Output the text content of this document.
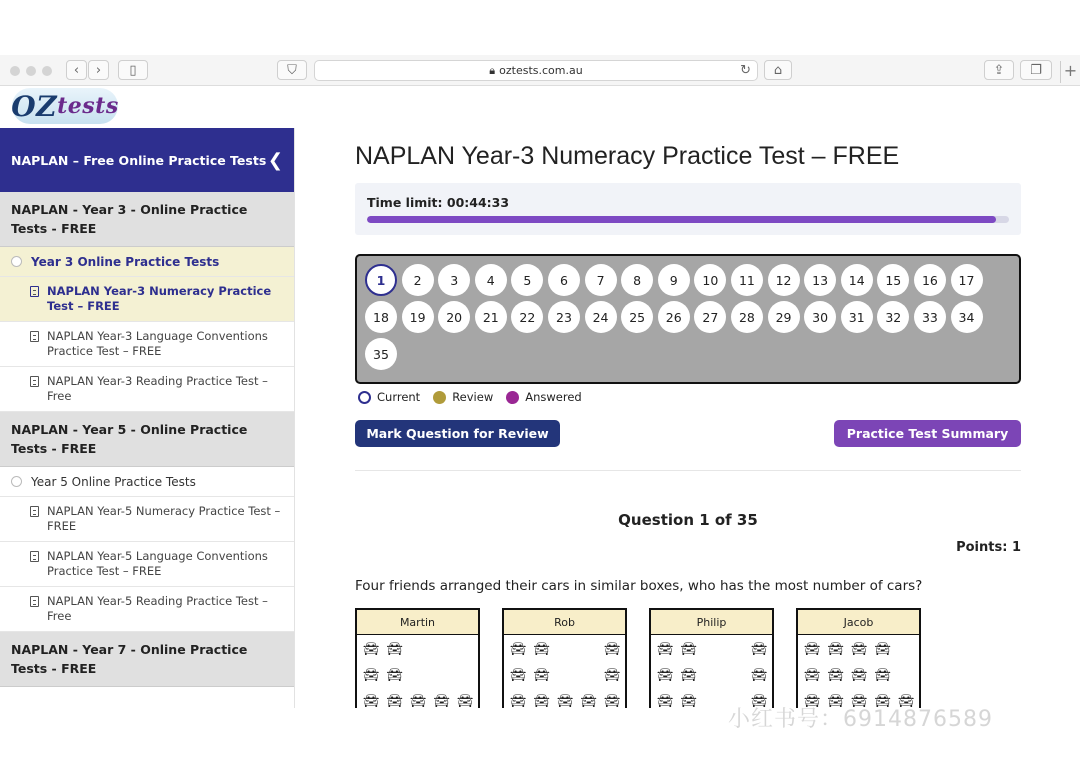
‹	›	▯	⛉	🔒︎ oztests.com.au	↻	⌂	⇪	❐	+
O Z tests
NAPLAN – Free Online Practice Tests ❮
NAPLAN - Year 3 - Online Practice Tests - FREE
Year 3 Online Practice Tests
NAPLAN Year-3 Numeracy Practice Test – FREE
NAPLAN Year-3 Language Conventions Practice Test – FREE
NAPLAN Year-3 Reading Practice Test – Free
NAPLAN - Year 5 - Online Practice Tests - FREE
Year 5 Online Practice Tests
NAPLAN Year-5 Numeracy Practice Test – FREE
NAPLAN Year-5 Language Conventions Practice Test – FREE
NAPLAN Year-5 Reading Practice Test – Free
NAPLAN - Year 7 - Online Practice Tests - FREE
NAPLAN Year-3 Numeracy Practice Test – FREE
Time limit: 00:44:33
1	2	3	4	5	6	7	8	9	10	11	12	13	14	15	16	17
18	19	20	21	22	23	24	25	26	27	28	29	30	31	32	33	34
35
Current	Review	Answered
Mark Question for Review	Practice Test Summary
Question 1 of 35
Points: 1
Four friends arranged their cars in similar boxes, who has the most number of cars?
Martin
🚘︎ 🚘︎
🚘︎ 🚘︎
🚘︎ 🚘︎ 🚘︎ 🚘︎ 🚘︎
Rob
🚘︎ 🚘︎	🚘︎
🚘︎ 🚘︎	🚘︎
🚘︎ 🚘︎ 🚘︎ 🚘︎ 🚘︎
Philip
🚘︎ 🚘︎	🚘︎
🚘︎ 🚘︎	🚘︎
🚘︎ 🚘︎	🚘︎
Jacob
🚘︎ 🚘︎ 🚘︎ 🚘︎
🚘︎ 🚘︎ 🚘︎ 🚘︎
🚘︎ 🚘︎ 🚘︎ 🚘︎ 🚘︎
小红书号：6914876589
